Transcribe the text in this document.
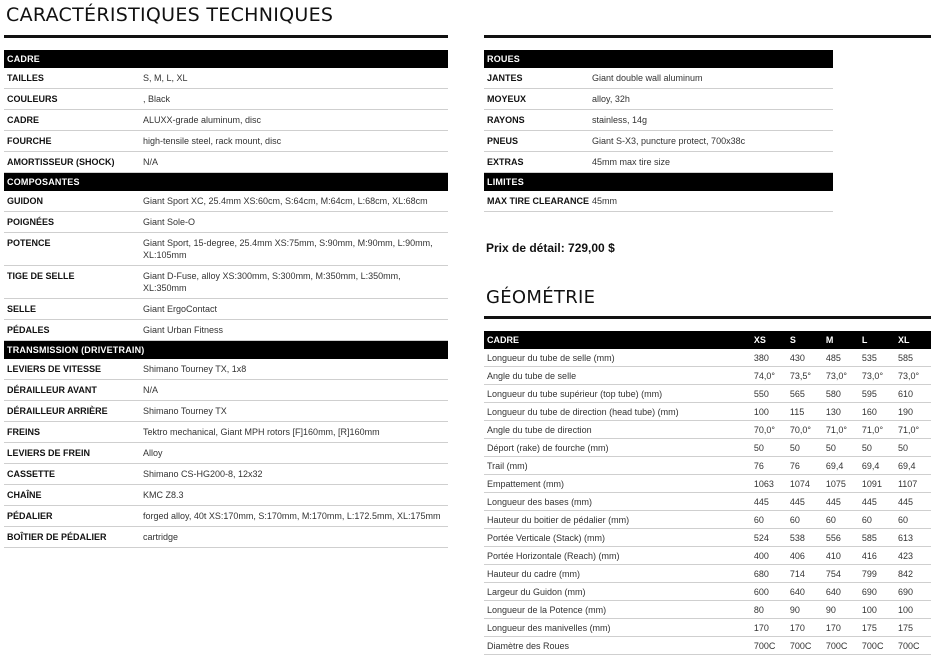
CARACTÉRISTIQUES TECHNIQUES
CADRE
TAILLES	S, M, L, XL
COULEURS	, Black
CADRE	ALUXX-grade aluminum, disc
FOURCHE	high-tensile steel, rack mount, disc
AMORTISSEUR (SHOCK)	N/A
COMPOSANTES
GUIDON	Giant Sport XC, 25.4mm XS:60cm, S:64cm, M:64cm, L:68cm, XL:68cm
POIGNÉES	Giant Sole-O
POTENCE	Giant Sport, 15-degree, 25.4mm XS:75mm, S:90mm, M:90mm, L:90mm, XL:105mm
TIGE DE SELLE	Giant D-Fuse, alloy XS:300mm, S:300mm, M:350mm, L:350mm, XL:350mm
SELLE	Giant ErgoContact
PÉDALES	Giant Urban Fitness
TRANSMISSION (DRIVETRAIN)
LEVIERS DE VITESSE	Shimano Tourney TX, 1x8
DÉRAILLEUR AVANT	N/A
DÉRAILLEUR ARRIÈRE	Shimano Tourney TX
FREINS	Tektro mechanical, Giant MPH rotors [F]160mm, [R]160mm
LEVIERS DE FREIN	Alloy
CASSETTE	Shimano CS-HG200-8, 12x32
CHAÎNE	KMC Z8.3
PÉDALIER	forged alloy, 40t XS:170mm, S:170mm, M:170mm, L:172.5mm, XL:175mm
BOÎTIER DE PÉDALIER	cartridge
ROUES
JANTES	Giant double wall aluminum
MOYEUX	alloy, 32h
RAYONS	stainless, 14g
PNEUS	Giant S-X3, puncture protect, 700x38c
EXTRAS	45mm max tire size
LIMITES
MAX TIRE CLEARANCE 45mm
Prix de détail: 729,00 $
GÉOMÉTRIE
CADRE	XS	S	M	L	XL
Longueur du tube de selle (mm)	380	430	485	535	585
Angle du tube de selle	74,0°	73,5°	73,0°	73,0°	73,0°
Longueur du tube supérieur (top tube) (mm)	550	565	580	595	610
Longueur du tube de direction (head tube) (mm)	100	115	130	160	190
Angle du tube de direction	70,0°	70,0°	71,0°	71,0°	71,0°
Déport (rake) de fourche (mm)	50	50	50	50	50
Trail (mm)	76	76	69,4	69,4	69,4
Empattement (mm)	1063	1074	1075	1091	1107
Longueur des bases (mm)	445	445	445	445	445
Hauteur du boitier de pédalier (mm)	60	60	60	60	60
Portée Verticale (Stack) (mm)	524	538	556	585	613
Portée Horizontale (Reach) (mm)	400	406	410	416	423
Hauteur du cadre (mm)	680	714	754	799	842
Largeur du Guidon (mm)	600	640	640	690	690
Longueur de la Potence (mm)	80	90	90	100	100
Longueur des manivelles (mm)	170	170	170	175	175
Diamètre des Roues	700C	700C	700C	700C	700C
